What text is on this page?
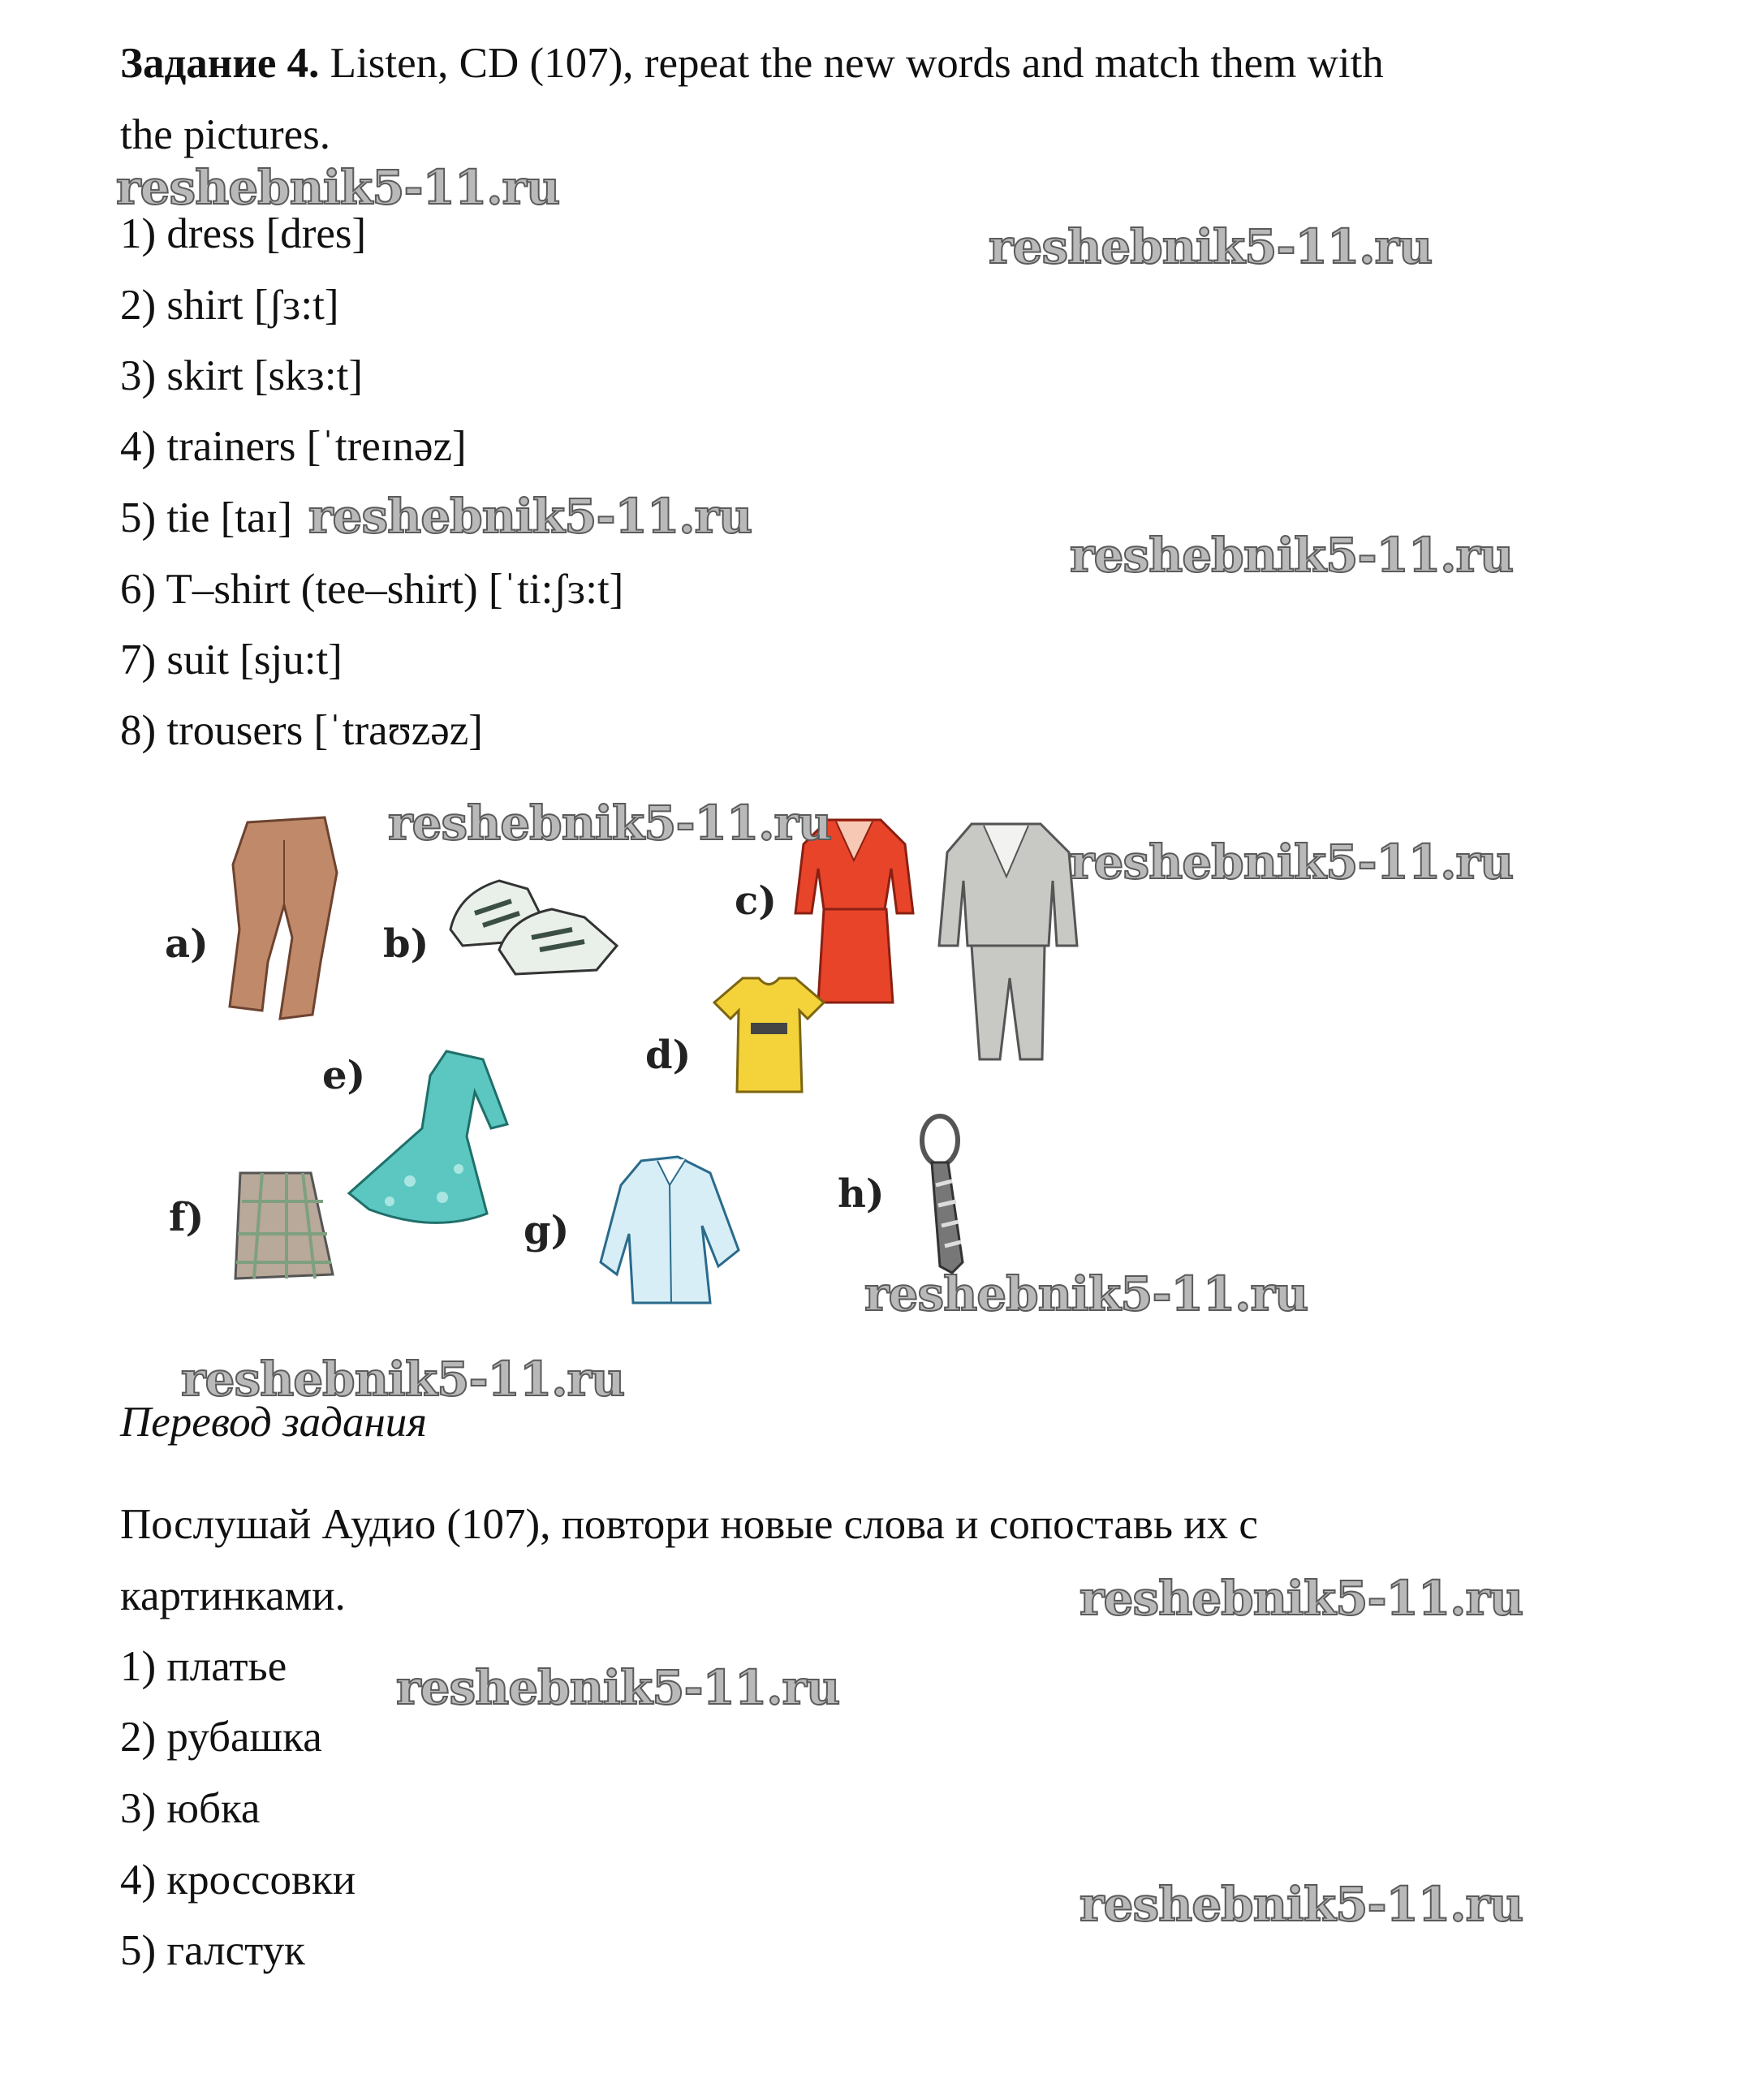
Задание 4. Listen, CD (107), repeat the new words and match them with
the pictures.
1) dress [dres]
2) shirt [ʃɜ:t]
3) skirt [skɜ:t]
4) trainers [ˈtreɪnəz]
5) tie [taɪ]
6) T–shirt (tee–shirt) [ˈti:ʃɜ:t]
7) suit [sju:t]
8) trousers [ˈtraʊzəz]
a)	b)
c)
d)
e)
f)	g)
h)
Перевод задания
Послушай Аудио (107), повтори новые слова и сопоставь их с
картинками.
1) платье
2) рубашка
3) юбка
4) кроссовки
5) галстук
reshebnik5-11.ru
reshebnik5-11.ru
reshebnik5-11.ru
reshebnik5-11.ru
reshebnik5-11.ru
reshebnik5-11.ru
reshebnik5-11.ru
reshebnik5-11.ru
reshebnik5-11.ru
reshebnik5-11.ru
reshebnik5-11.ru
